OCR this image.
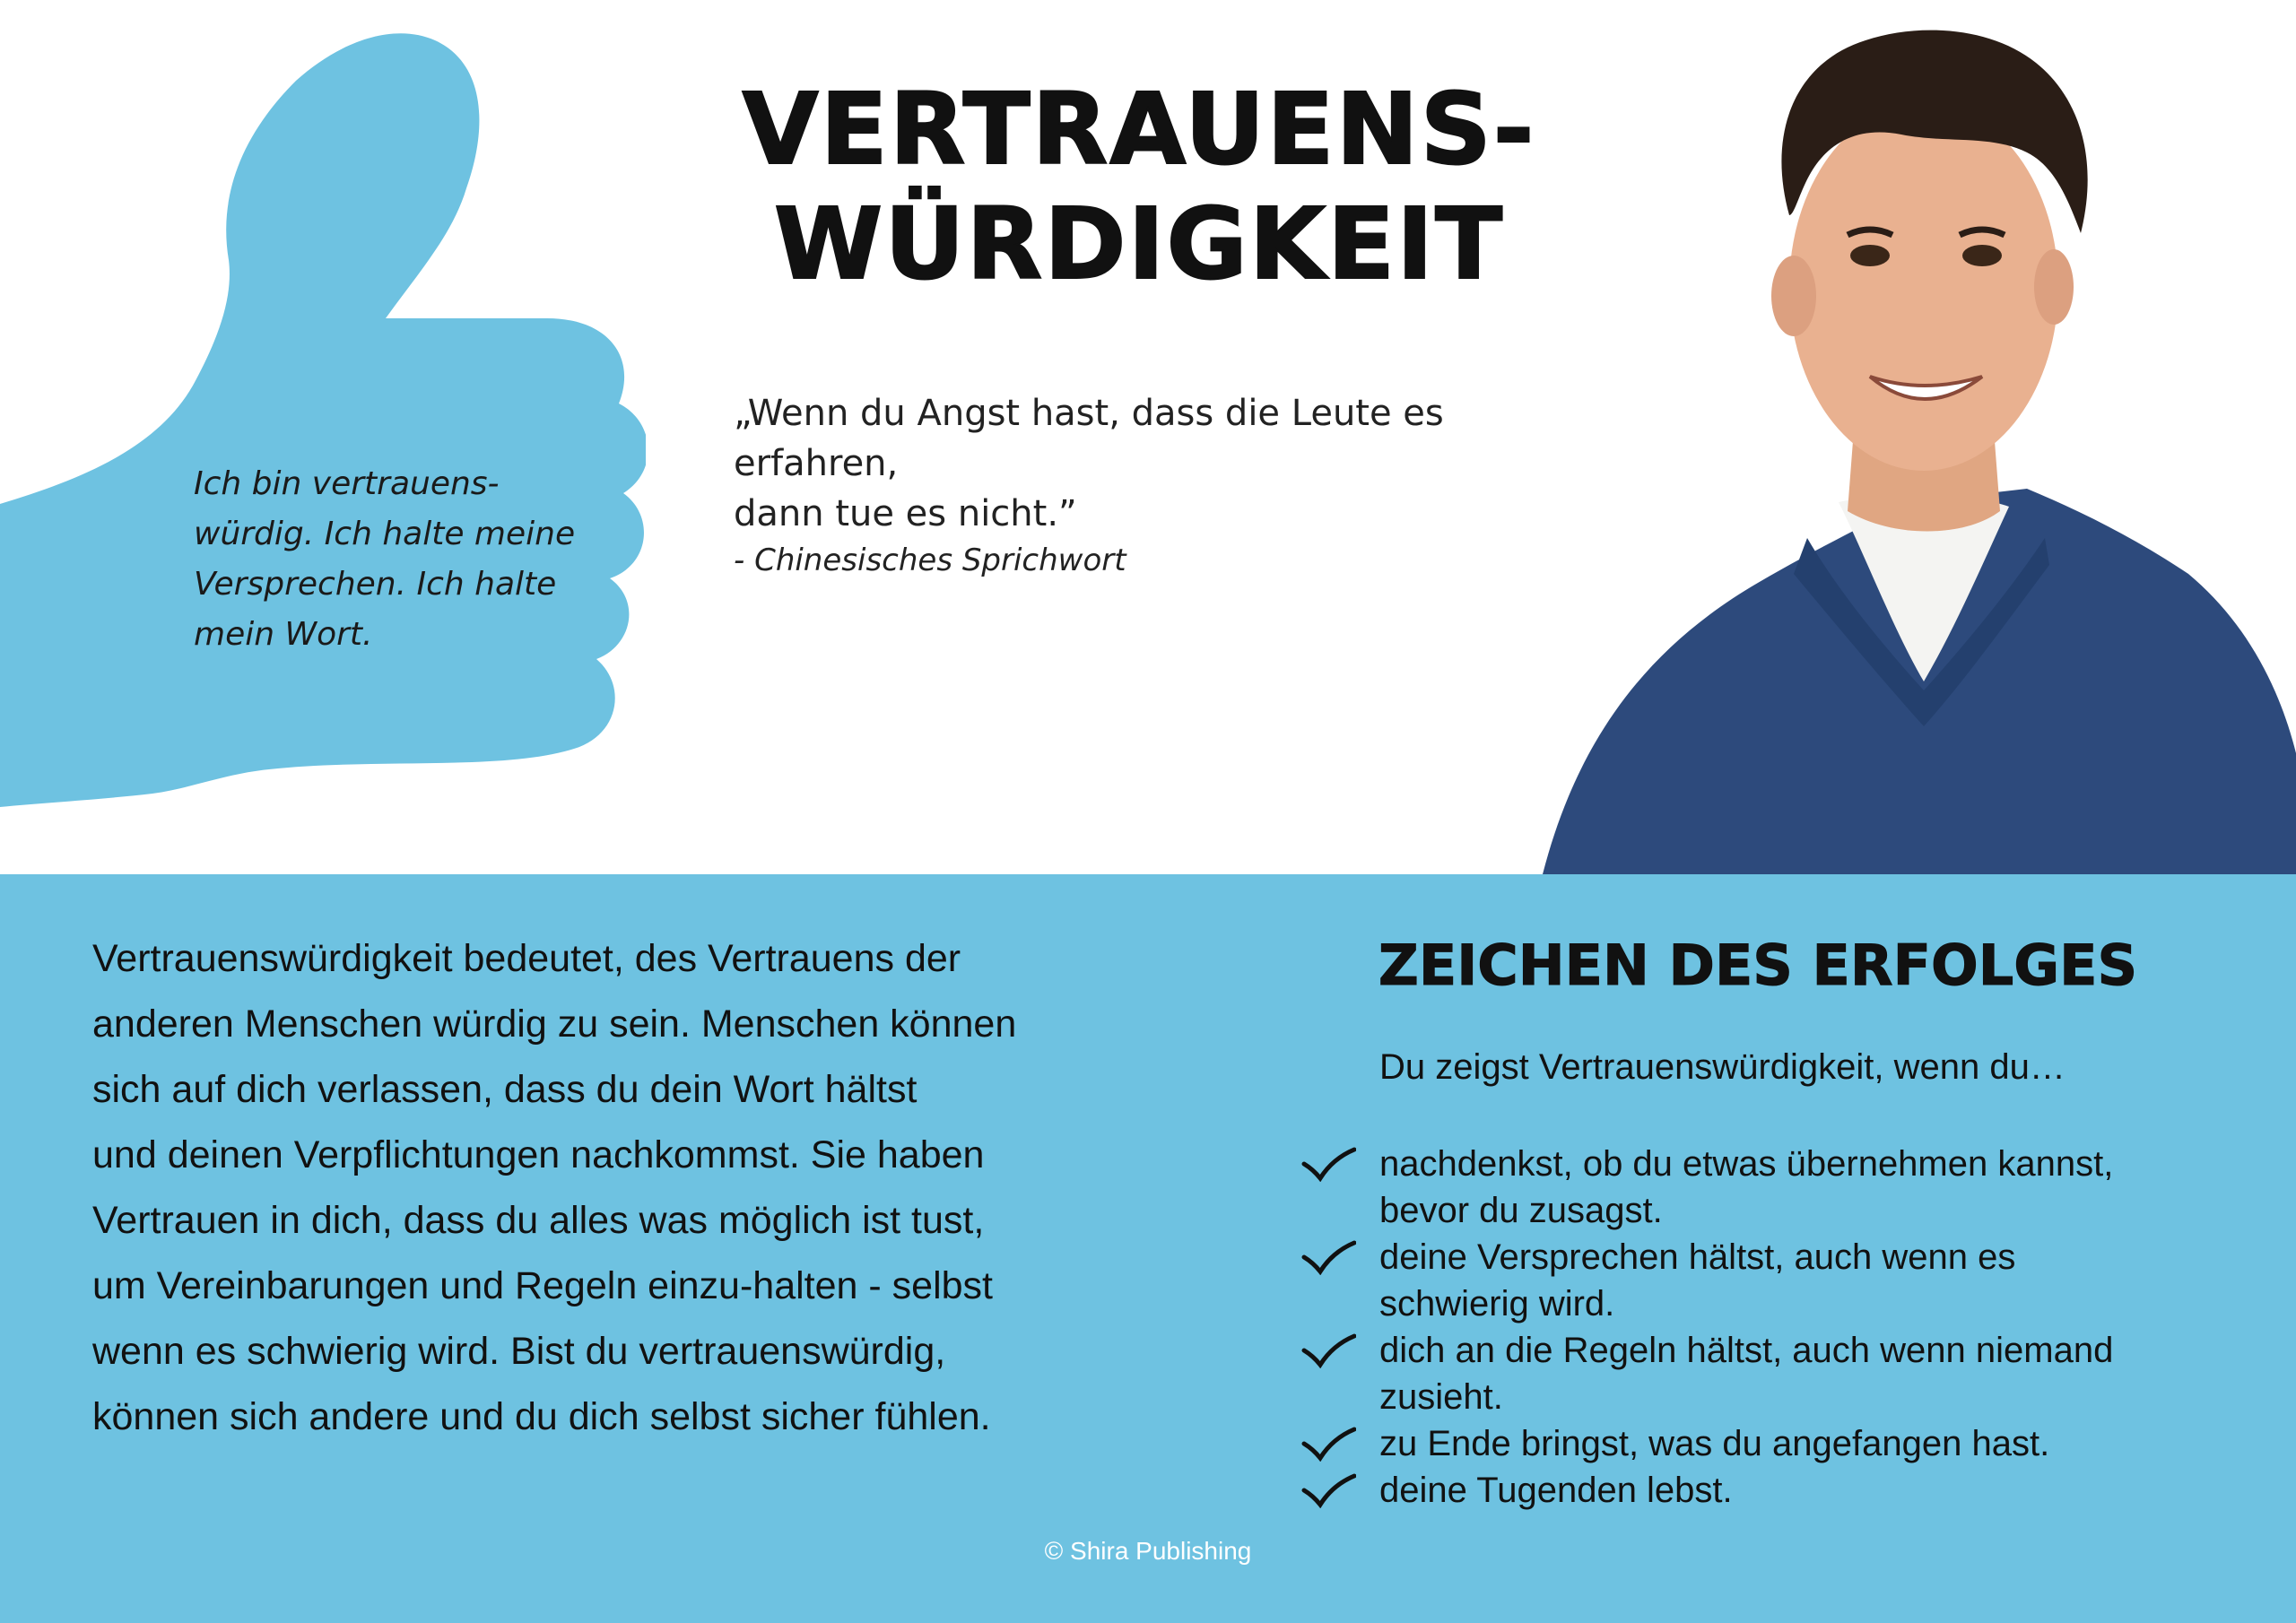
Ich bin vertrauens-
würdig. Ich halte meine
Versprechen. Ich halte
mein Wort.
VERTRAUENS-
WÜRDIGKEIT
„Wenn du Angst hast, dass die Leute es erfahren,
dann tue es nicht.”
- Chinesisches Sprichwort
Vertrauenswürdigkeit bedeutet, des Vertrauens der
anderen Menschen würdig zu sein. Menschen können
sich auf dich verlassen, dass du dein Wort hältst
und deinen Verpflichtungen nachkommst. Sie haben
Vertrauen in dich, dass du alles was möglich ist tust,
um Vereinbarungen und Regeln einzu-halten - selbst
wenn es schwierig wird. Bist du vertrauenswürdig,
können sich andere und du dich selbst sicher fühlen.
ZEICHEN DES ERFOLGES
Du zeigst Vertrauenswürdigkeit, wenn du…
nachdenkst, ob du etwas übernehmen kannst,
bevor du zusagst.
deine Versprechen hältst, auch wenn es
schwierig wird.
dich an die Regeln hältst, auch wenn niemand
zusieht.
zu Ende bringst, was du angefangen hast.
deine Tugenden lebst.
© Shira Publishing
